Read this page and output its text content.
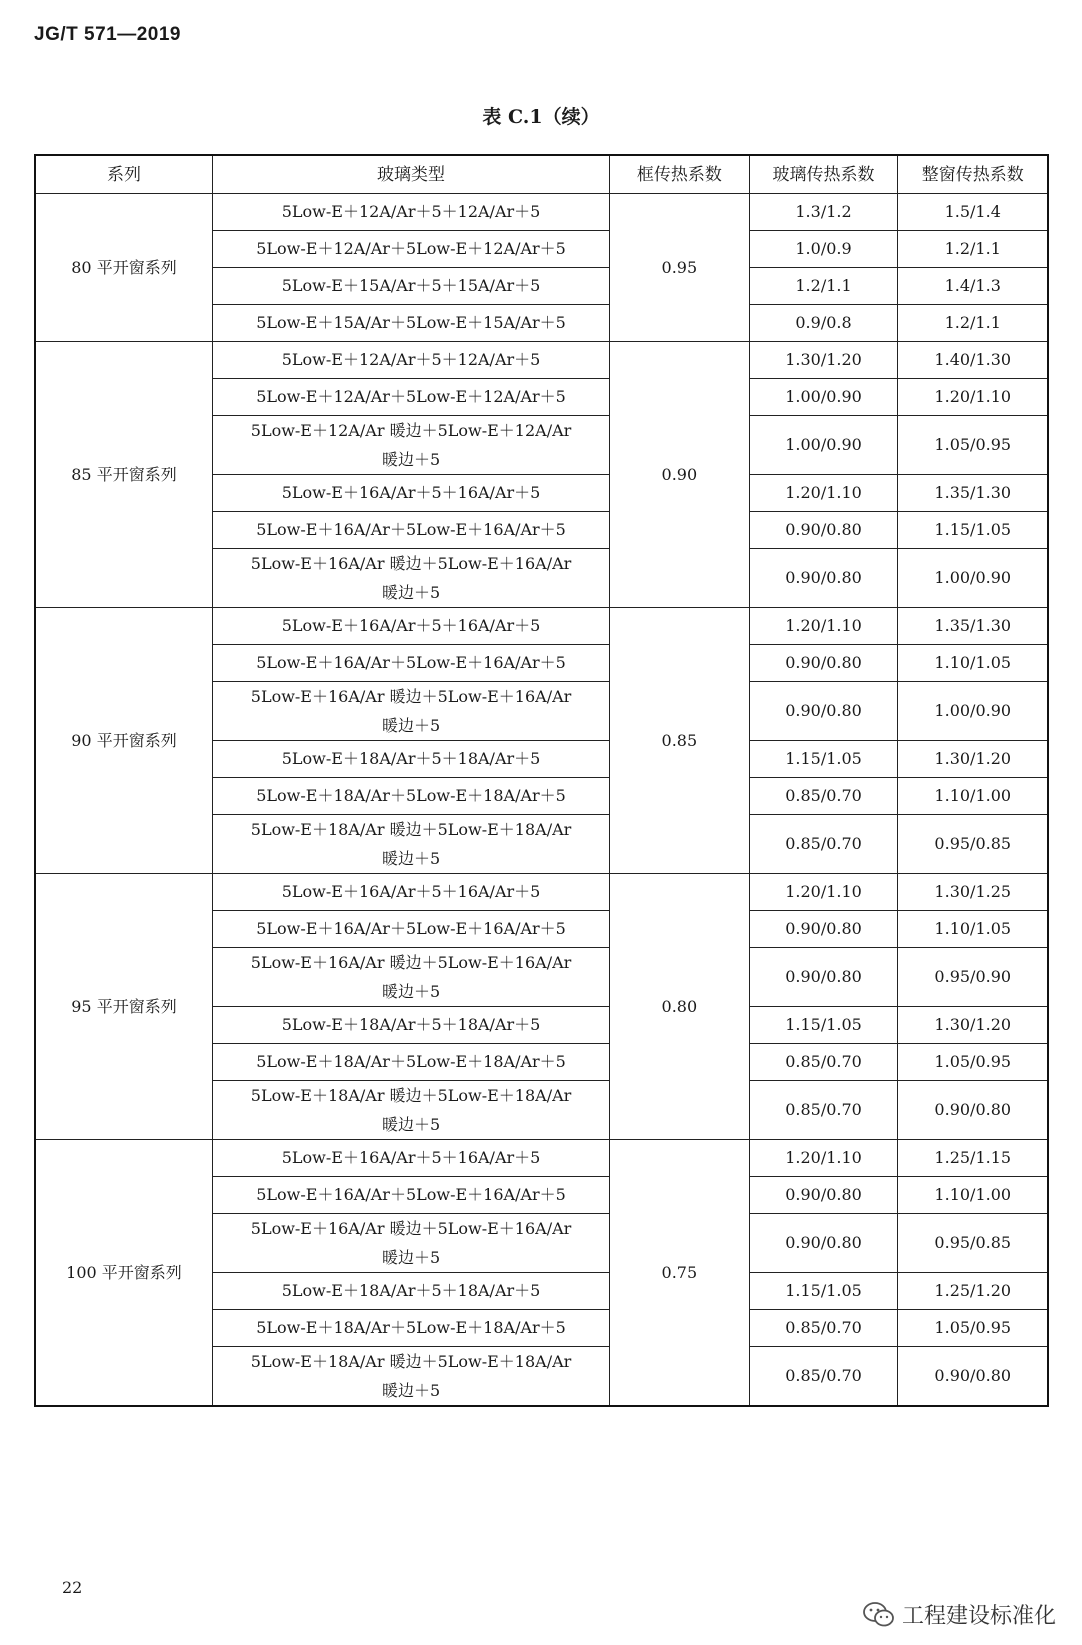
JG/T 571—2019
表 C.1（续）
系列	玻璃类型	框传热系数	玻璃传热系数	整窗传热系数
80 平开窗系列	5Low-E＋12A/Ar＋5＋12A/Ar＋5	0.95	1.3/1.2	1.5/1.4
	5Low-E＋12A/Ar＋5Low-E＋12A/Ar＋5		1.0/0.9	1.2/1.1
	5Low-E＋15A/Ar＋5＋15A/Ar＋5		1.2/1.1	1.4/1.3
	5Low-E＋15A/Ar＋5Low-E＋15A/Ar＋5		0.9/0.8	1.2/1.1
85 平开窗系列	5Low-E＋12A/Ar＋5＋12A/Ar＋5	0.90	1.30/1.20	1.40/1.30
	5Low-E＋12A/Ar＋5Low-E＋12A/Ar＋5		1.00/0.90	1.20/1.10
	5Low-E＋12A/Ar 暖边＋5Low-E＋12A/Ar 暖边＋5		1.00/0.90	1.05/0.95
	5Low-E＋16A/Ar＋5＋16A/Ar＋5		1.20/1.10	1.35/1.30
	5Low-E＋16A/Ar＋5Low-E＋16A/Ar＋5		0.90/0.80	1.15/1.05
	5Low-E＋16A/Ar 暖边＋5Low-E＋16A/Ar 暖边＋5		0.90/0.80	1.00/0.90
90 平开窗系列	5Low-E＋16A/Ar＋5＋16A/Ar＋5	0.85	1.20/1.10	1.35/1.30
	5Low-E＋16A/Ar＋5Low-E＋16A/Ar＋5		0.90/0.80	1.10/1.05
	5Low-E＋16A/Ar 暖边＋5Low-E＋16A/Ar 暖边＋5		0.90/0.80	1.00/0.90
	5Low-E＋18A/Ar＋5＋18A/Ar＋5		1.15/1.05	1.30/1.20
	5Low-E＋18A/Ar＋5Low-E＋18A/Ar＋5		0.85/0.70	1.10/1.00
	5Low-E＋18A/Ar 暖边＋5Low-E＋18A/Ar 暖边＋5		0.85/0.70	0.95/0.85
95 平开窗系列	5Low-E＋16A/Ar＋5＋16A/Ar＋5	0.80	1.20/1.10	1.30/1.25
	5Low-E＋16A/Ar＋5Low-E＋16A/Ar＋5		0.90/0.80	1.10/1.05
	5Low-E＋16A/Ar 暖边＋5Low-E＋16A/Ar 暖边＋5		0.90/0.80	0.95/0.90
	5Low-E＋18A/Ar＋5＋18A/Ar＋5		1.15/1.05	1.30/1.20
	5Low-E＋18A/Ar＋5Low-E＋18A/Ar＋5		0.85/0.70	1.05/0.95
	5Low-E＋18A/Ar 暖边＋5Low-E＋18A/Ar 暖边＋5		0.85/0.70	0.90/0.80
100 平开窗系列	5Low-E＋16A/Ar＋5＋16A/Ar＋5	0.75	1.20/1.10	1.25/1.15
	5Low-E＋16A/Ar＋5Low-E＋16A/Ar＋5		0.90/0.80	1.10/1.00
	5Low-E＋16A/Ar 暖边＋5Low-E＋16A/Ar 暖边＋5		0.90/0.80	0.95/0.85
	5Low-E＋18A/Ar＋5＋18A/Ar＋5		1.15/1.05	1.25/1.20
	5Low-E＋18A/Ar＋5Low-E＋18A/Ar＋5		0.85/0.70	1.05/0.95
	5Low-E＋18A/Ar 暖边＋5Low-E＋18A/Ar 暖边＋5		0.85/0.70	0.90/0.80
22
工程建设标准化
